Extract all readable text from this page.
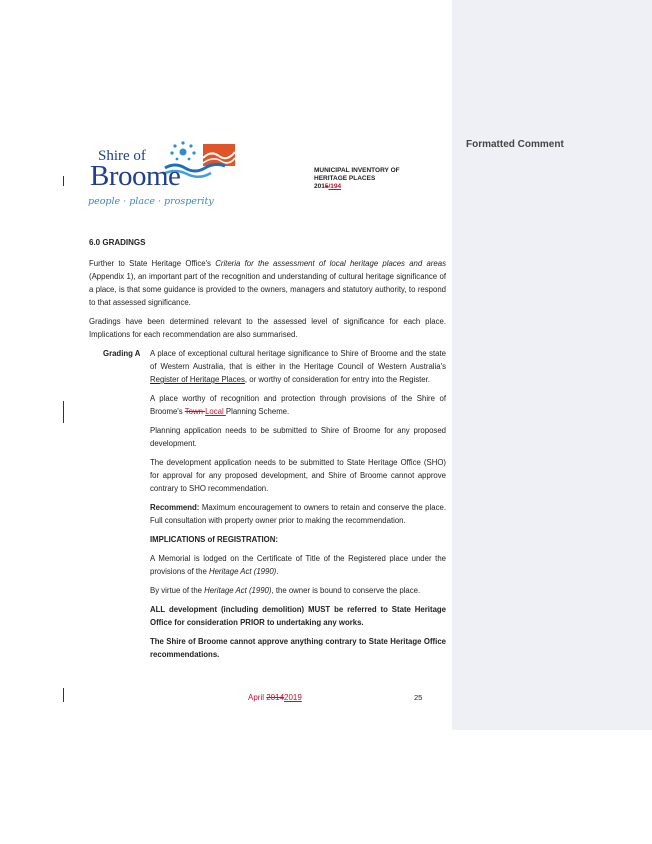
Formatted Comment
Shire of
Broome
people · place · prosperity
MUNICIPAL INVENTORY OF
HERITAGE PLACES
2015/194
6.0 GRADINGS

Further to State Heritage Office's Criteria for the assessment of local heritage places and areas (Appendix 1), an important part of the recognition and understanding of cultural heritage significance of a place, is that some guidance is provided to the owners, managers and statutory authority, to respond to that assessed significance.

Gradings have been determined relevant to the assessed level of significance for each place. Implications for each recommendation are also summarised.

Grading A	A place of exceptional cultural heritage significance to Shire of Broome and the state of Western Australia, that is either in the Heritage Council of Western Australia's Register of Heritage Places, or worthy of consideration for entry into the Register.

A place worthy of recognition and protection through provisions of the Shire of Broome's Town Local Planning Scheme.

Planning application needs to be submitted to Shire of Broome for any proposed development.

The development application needs to be submitted to State Heritage Office (SHO) for approval for any proposed development, and Shire of Broome cannot approve contrary to SHO recommendation.

Recommend: Maximum encouragement to owners to retain and conserve the place. Full consultation with property owner prior to making the recommendation.

IMPLICATIONS of REGISTRATION:

A Memorial is lodged on the Certificate of Title of the Registered place under the provisions of the Heritage Act (1990).

By virtue of the Heritage Act (1990), the owner is bound to conserve the place.

ALL development (including demolition) MUST be referred to State Heritage Office for consideration PRIOR to undertaking any works.

The Shire of Broome cannot approve anything contrary to State Heritage Office recommendations.

April 20142019	25
